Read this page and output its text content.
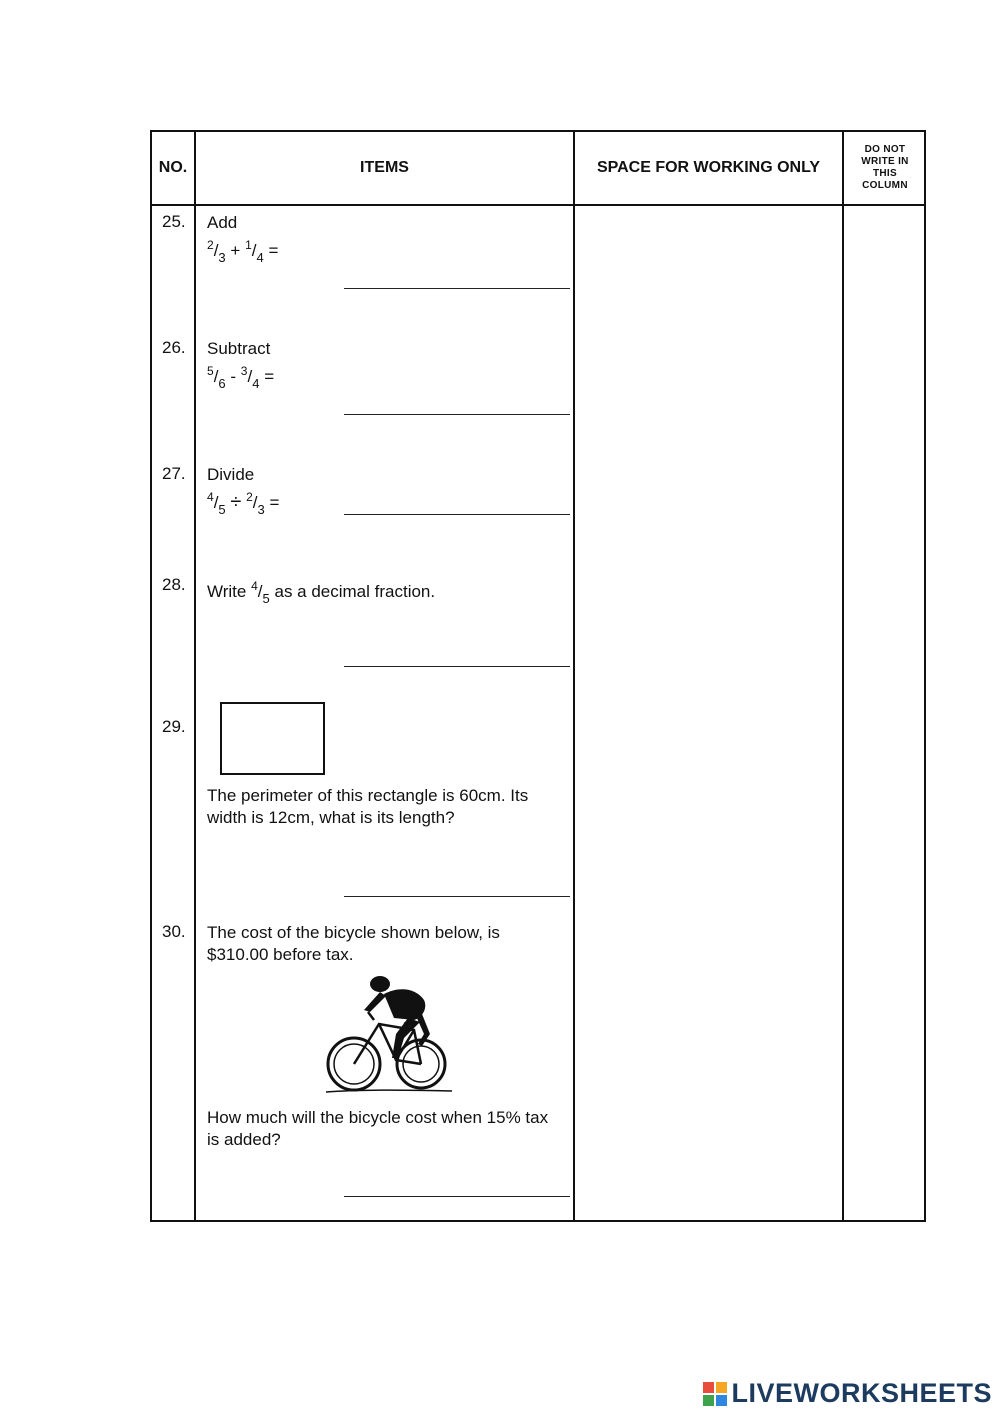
NO.	ITEMS	SPACE FOR WORKING ONLY
DO NOT
WRITE IN
THIS
COLUMN
25. Add
$^2/_3 + ^1/_4$ =
26. Subtract
$^5/_6 - ^3/_4$ =
27. Divide
$^4/_5 \div ^2/_3$ =
28. Write $^4/_5$ as a decimal fraction.
29.
The perimeter of this rectangle is 60cm. Its
width is 12cm, what is its length?
30. The cost of the bicycle shown below, is
$310.00 before tax.
How much will the bicycle cost when 15% tax
is added?
LIVEWORKSHEETS
